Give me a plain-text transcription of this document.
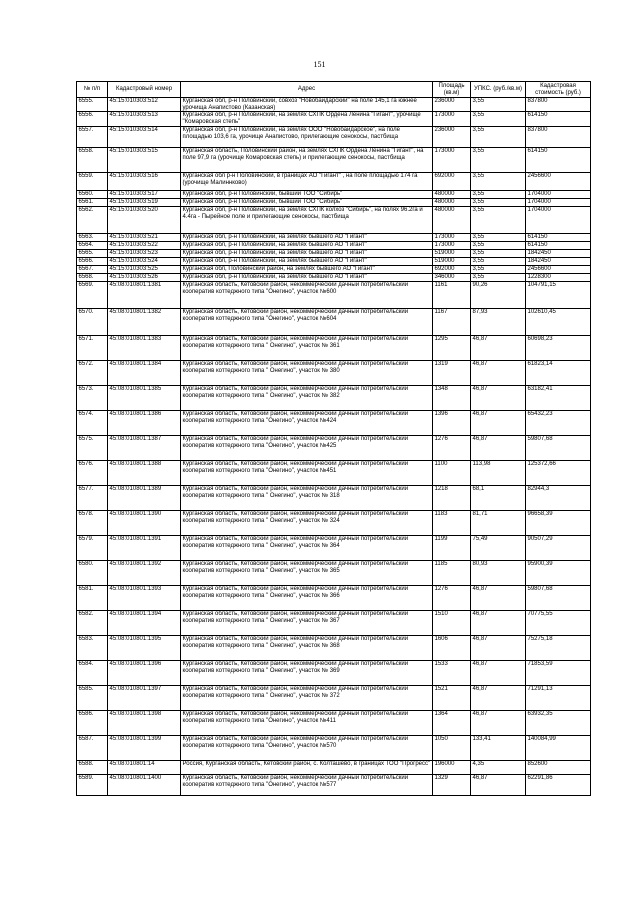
151
№ п/п	Кадастровый номер	Адрес	Площадь (кв.м)	УПКС. (руб./кв.м)	Кадастровая стоимость (руб.)
6555.	45:15:010303:512	Курганская обл, р-н Половинский, совхоз "Новобайдарский" на поле 145,1 га южнее урочища Анапистово (Казанская)	236000	3,55	837800
6556.	45:15:010303:513	Курганская обл, р-н Половинский, на землях СХПК Ордена Ленина "Гигант", урочище "Комаровская степь"	173000	3,55	614150
6557.	45:15:010303:514	Курганская обл, р-н Половинский, на землях ООО "Новобайдарское", на поле площадью 103,6 га, урочище Анапистово, прилегающие сенокосы, пастбища	236000	3,55	837800
6558.	45:15:010303:515	Курганская область, Половинский район, на землях СХПК Ордена Ленина "Гигант", на поле 97,9 га (урочище Комаровская степь) и прилегающие сенокосы, пастбища	173000	3,55	614150
6559.	45:15:010303:516	Курганская обл р-н Половинский, в границах АО "Гигант" , на поле площадью 174 га (урочище Малиннково)	692000	3,55	2456600
6560.	45:15:010303:517	Курганская обл, р-н Половинский, бывший ТОО "Сибирь"	480000	3,55	1704000
6561.	45:15:010303:519	Курганская обл, р-н Половинский, бывший ТОО "Сибирь"	480000	3,55	1704000
6562.	45:15:010303:520	Курганская обл, р-н Половинский, на землях СХПК колхоз "Сибирь", на полях 96.2га и 4.4га - Пырейное поле и прилегающие сенокосы, пастбища	480000	3,55	1704000
6563.	45:15:010303:521	Курганская обл, р-н Половинский, на землях бывшего АО "Гигант"	173000	3,55	614150
6564.	45:15:010303:522	Курганская обл, р-н Половинский, на землях бывшего АО "Гигант"	173000	3,55	614150
6565.	45:15:010303:523	Курганская обл, р-н Половинский, на землях бывшего АО "Гигант"	519000	3,55	1842450
6566.	45:15:010303:524	Курганская обл, р-н Половинский, на землях бывшего АО "Гигант"	519000	3,55	1842450
6567.	45:15:010303:525	Курганская обл, Половинский район, на землях бывшего АО "Гигант"	692000	3,55	2456600
6568.	45:15:010303:526	Курганская обл, р-н Половинский, на землях бывшего АО "Гигант"	346000	3,55	1228300
6569.	45:08:010801:1381	Курганская область, Кетовский район, некоммерческий дачный потребительский кооператив коттеджного типа "Онегино", участок №600	1161	90,26	104791,15
6570.	45:08:010801:1382	Курганская область, Кетовский район, некоммерческий дачный потребительский кооператив коттеджного типа "Онегино", участок №604	1167	87,93	102610,45
6571.	45:08:010801:1383	Курганская область, Кетовский район, некоммерческий дачный потребительский кооператив коттеджного типа " Онегино", участок № 361	1295	46,87	60698,23
6572.	45:08:010801:1384	Курганская область, Кетовский район, некоммерческий дачный потребительский кооператив коттеджного типа " Онегино", участок № 380	1319	46,87	61823,14
6573.	45:08:010801:1385	Курганская область, Кетовский район, некоммерческий дачный потребительский кооператив коттеджного типа " Онегино", участок № 382	1348	46,87	63182,41
6574.	45:08:010801:1386	Курганская область, Кетовский район, некоммерческий дачный потребительский кооператив коттеджного типа "Онегино", участок №424	1396	46,87	65432,23
6575.	45:08:010801:1387	Курганская область, Кетовский район, некоммерческий дачный потребительский кооператив коттеджного типа "Онегино", участок №425	1276	46,87	59807,68
6576.	45:08:010801:1388	Курганская область, Кетовский район, некоммерческий дачный потребительский кооператив коттеджного типа "Онегино", участок №451	1100	113,98	125372,66
6577.	45:08:010801:1389	Курганская область, Кетовский район, некоммерческий дачный потребительский кооператив коттеджного типа " Онегино", участок № 318	1218	68,1	82944,3
6578.	45:08:010801:1390	Курганская область, Кетовский район, некоммерческий дачный потребительский кооператив коттеджного типа " Онегино", участок № 324	1183	81,71	96658,39
6579.	45:08:010801:1391	Курганская область, Кетовский район, некоммерческий дачный потребительский кооператив коттеджного типа " Онегино", участок № 364	1199	75,49	90507,29
6580.	45:08:010801:1392	Курганская область, Кетовский район, некоммерческий дачный потребительский кооператив коттеджного типа " Онегино", участок № 365	1185	80,93	95900,39
6581.	45:08:010801:1393	Курганская область, Кетовский район, некоммерческий дачный потребительский кооператив коттеджного типа " Онегино", участок № 366	1276	46,87	59807,68
6582.	45:08:010801:1394	Курганская область, Кетовский район, некоммерческий дачный потребительский кооператив коттеджного типа " Онегино", участок № 367	1510	46,87	70775,55
6583.	45:08:010801:1395	Курганская область, Кетовский район, некоммерческий дачный потребительский кооператив коттеджного типа " Онегино", участок № 368	1606	46,87	75275,18
6584.	45:08:010801:1396	Курганская область, Кетовский район, некоммерческий дачный потребительский кооператив коттеджного типа " Онегино", участок № 369	1533	46,87	71853,59
6585.	45:08:010801:1397	Курганская область, Кетовский район, некоммерческий дачный потребительский кооператив коттеджного типа " Онегино", участок № 372	1521	46,87	71291,13
6586.	45:08:010801:1398	Курганская область, Кетовский район, некоммерческий дачный потребительский кооператив коттеджного типа "Онегино", участок №411	1364	46,87	63932,35
6587.	45:08:010801:1399	Курганская область, Кетовский район, некоммерческий дачный потребительский кооператив коттеджного типа "Онегино", участок №570	1050	133,41	140084,99
6588.	45:08:010801:14	Россия, Курганская область, Кетовский район, с. Колташево, в границах ТОО "Прогресс"	196000	4,35	852600
6589.	45:08:010801:1400	Курганская область, Кетовский район, некоммерческий дачный потребительский кооператив коттеджного типа "Онегино", участок №577	1329	46,87	62291,86
